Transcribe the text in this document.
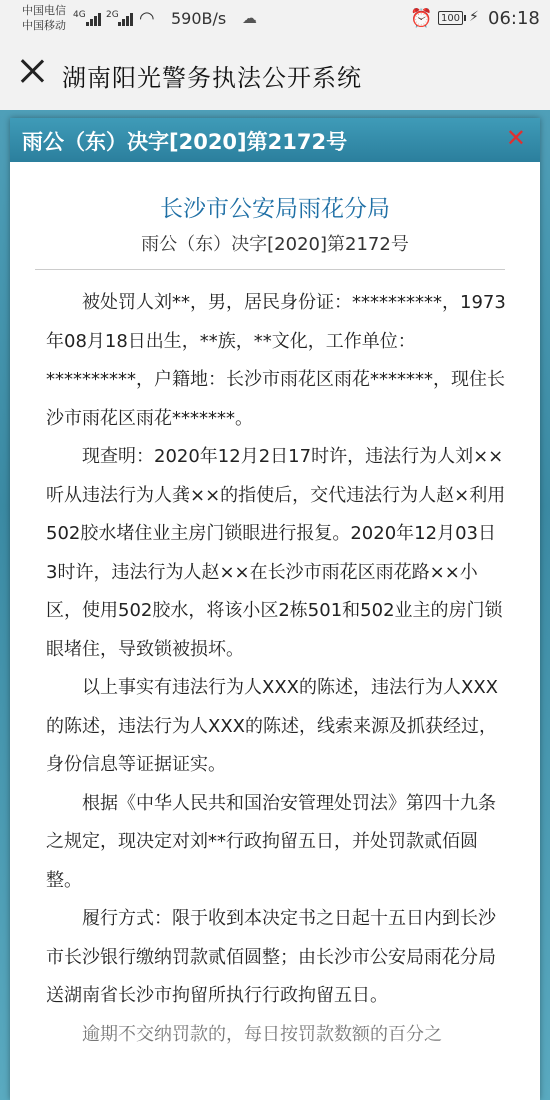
中国电信
中国移动
4G 2G ◠ 590B/s ☁	⏰ 100 ⚡ 06:18
湖南阳光警务执法公开系统
雨公（东）决字[2020]第2172号	✕
长沙市公安局雨花分局
雨公（东）决字[2020]第2172号

被处罚人刘**，男，居民身份证：**********，1973年08月18日出生，**族，**文化，工作单位：**********，户籍地：长沙市雨花区雨花*******，现住长沙市雨花区雨花*******。

现查明：2020年12月2日17时许，违法行为人刘××听从违法行为人龚××的指使后，交代违法行为人赵×利用502胶水堵住业主房门锁眼进行报复。2020年12月03日3时许，违法行为人赵××在长沙市雨花区雨花路××小区，使用502胶水，将该小区2栋501和502业主的房门锁眼堵住，导致锁被损坏。

以上事实有违法行为人XXX的陈述，违法行为人XXX的陈述，违法行为人XXX的陈述，线索来源及抓获经过，身份信息等证据证实。

根据《中华人民共和国治安管理处罚法》第四十九条之规定，现决定对刘**行政拘留五日，并处罚款贰佰圆整。

履行方式：限于收到本决定书之日起十五日内到长沙市长沙银行缴纳罚款贰佰圆整；由长沙市公安局雨花分局送湖南省长沙市拘留所执行行政拘留五日。

逾期不交纳罚款的，每日按罚款数额的百分之
